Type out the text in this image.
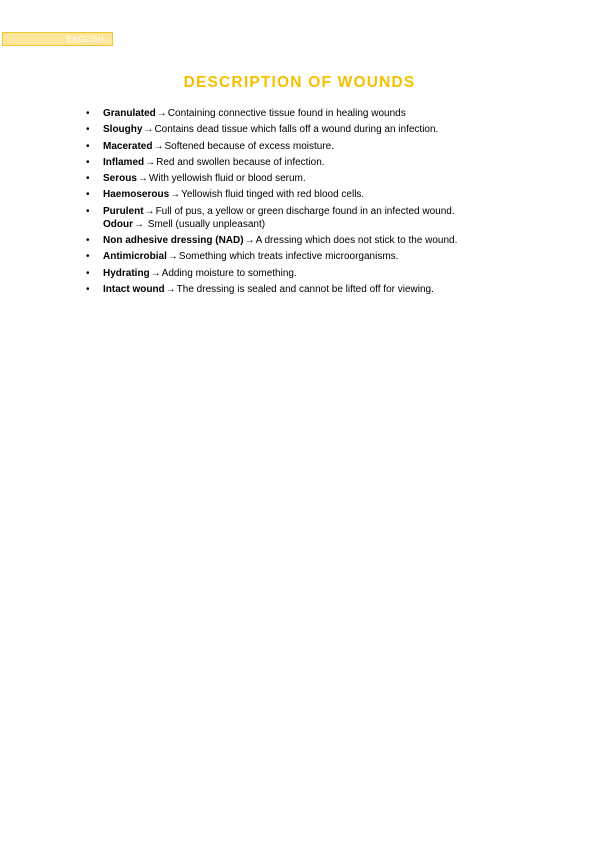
ENGLISH
DESCRIPTION OF WOUNDS
• Granulated→Containing connective tissue found in healing wounds
• Sloughy→Contains dead tissue which falls off a wound during an infection.
• Macerated→Softened because of excess moisture.
• Inflamed→Red and swollen because of infection.
• Serous→With yellowish fluid or blood serum.
• Haemoserous→Yellowish fluid tinged with red blood cells.
• Purulent→Full of pus, a yellow or green discharge found in an infected wound.
Odour→ Smell (usually unpleasant)
• Non adhesive dressing (NAD)→A dressing which does not stick to the wound.
• Antimicrobial→Something which treats infective microorganisms.
• Hydrating→Adding moisture to something.
• Intact wound→The dressing is sealed and cannot be lifted off for viewing.
